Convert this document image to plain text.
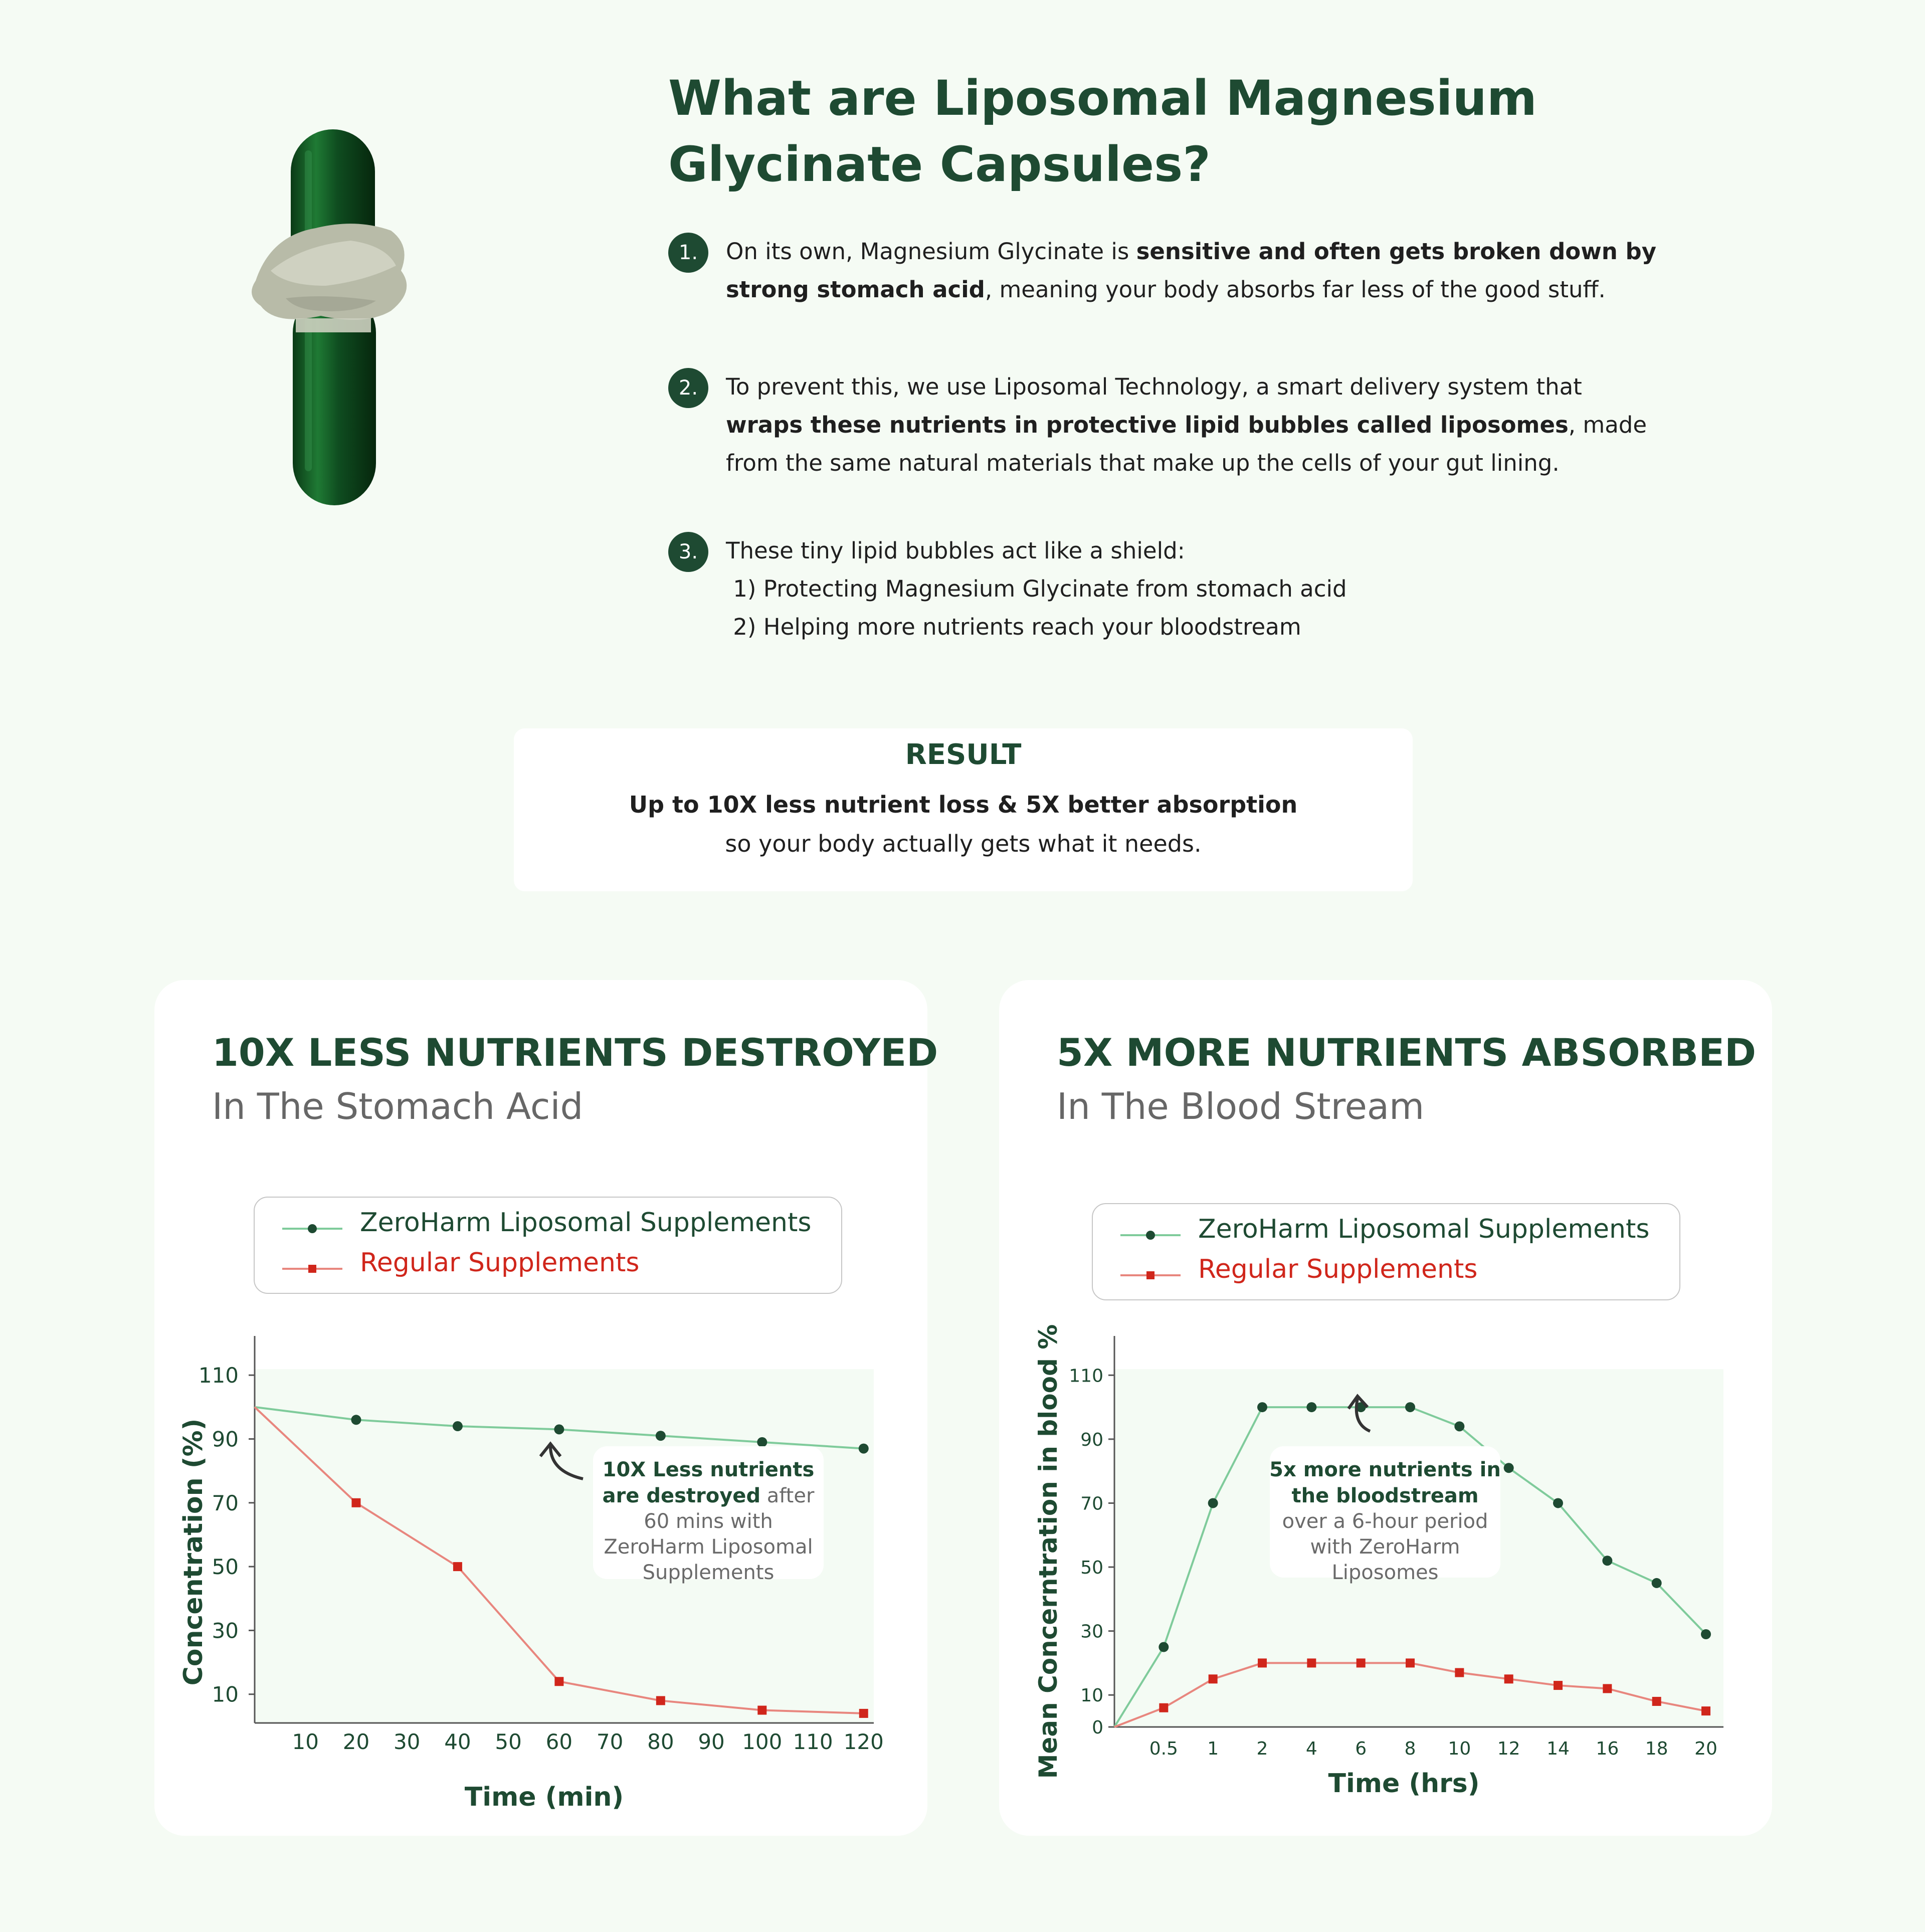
What are Liposomal Magnesium Glycinate Capsules?
1.	On its own, Magnesium Glycinate is sensitive and often gets broken down by
strong stomach acid, meaning your body absorbs far less of the good stuff.
2.	To prevent this, we use Liposomal Technology, a smart delivery system that
wraps these nutrients in protective lipid bubbles called liposomes, made
from the same natural materials that make up the cells of your gut lining.
3.	These tiny lipid bubbles act like a shield:
1) Protecting Magnesium Glycinate from stomach acid
2) Helping more nutrients reach your bloodstream
RESULT
Up to 10X less nutrient loss & 5X better absorption
so your body actually gets what it needs.
10X LESS NUTRIENTS DESTROYED
In The Stomach Acid
ZeroHarm Liposomal Supplements
Regular Supplements
10
30
50
70
90
110
10 20 30 40 50 60 70 80 90 100 110 120
Time (min)
Concentration (%)	10X Less nutrients
are destroyed after
60 mins with
ZeroHarm Liposomal
Supplements
5X MORE NUTRIENTS ABSORBED
In The Blood Stream
ZeroHarm Liposomal Supplements
Regular Supplements
0
10
30
50
70
90
110
0.5 1 2 4 6 8 10 12 14 16 18 20
Time (hrs)
Mean Concerntration in blood %	5x more nutrients in
the bloodstream
over a 6-hour period
with ZeroHarm
Liposomes
